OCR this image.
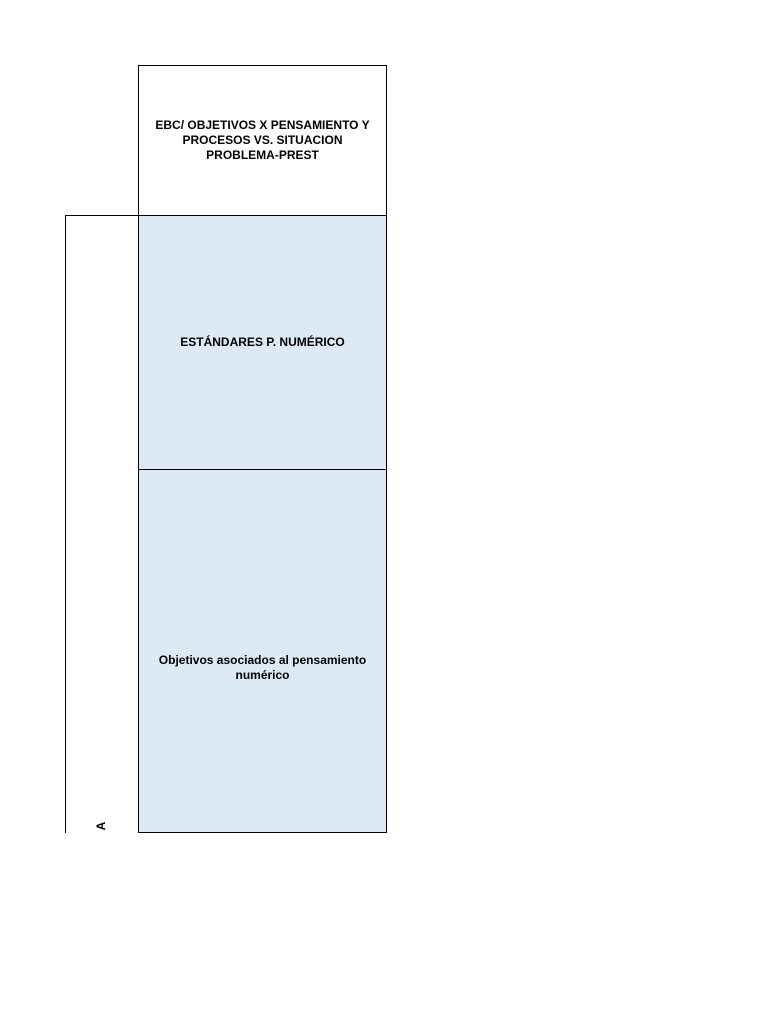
A
EBC/ OBJETIVOS X PENSAMIENTO Y PROCESOS VS. SITUACION PROBLEMA-PREST
ESTÁNDARES P. NUMÉRICO
Objetivos asociados al pensamiento numérico
